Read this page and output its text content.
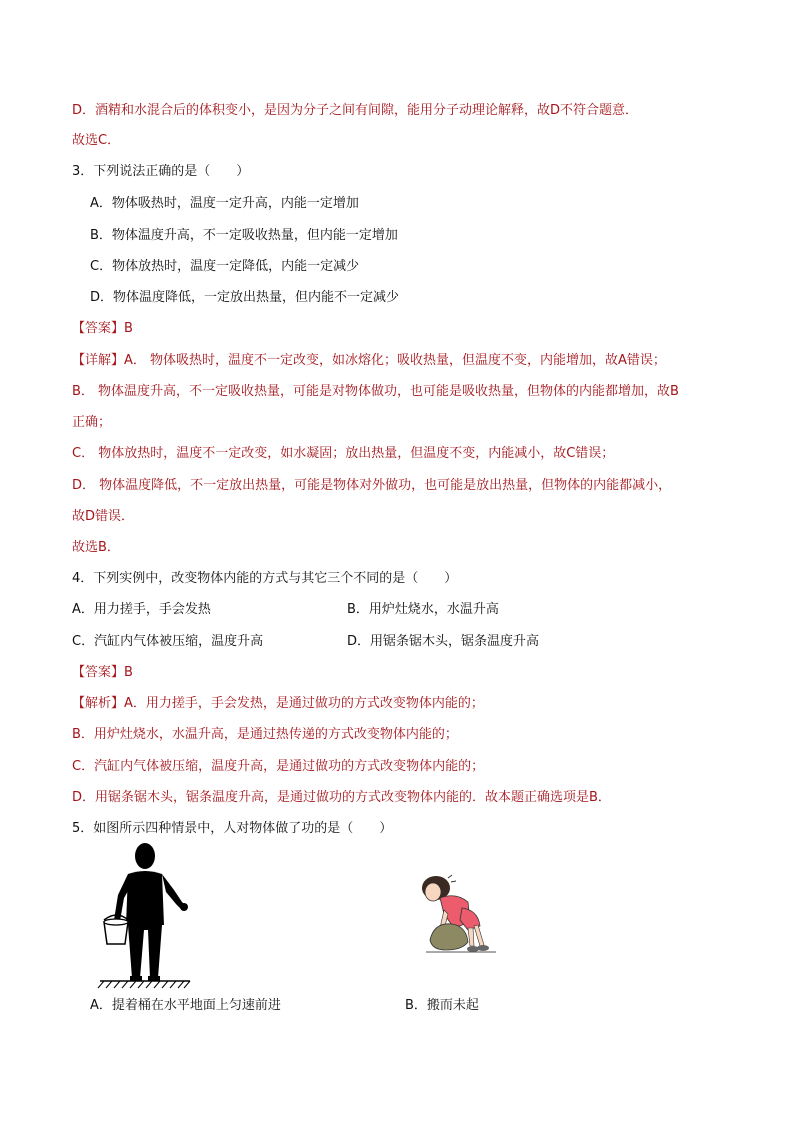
D．酒精和水混合后的体积变小，是因为分子之间有间隙，能用分子动理论解释，故D不符合题意．
故选C．
3．下列说法正确的是（　　）
A．物体吸热时，温度一定升高，内能一定增加
B．物体温度升高，不一定吸收热量，但内能一定增加
C．物体放热时，温度一定降低，内能一定减少
D．物体温度降低，一定放出热量，但内能不一定减少
【答案】B
【详解】A． 物体吸热时，温度不一定改变，如冰熔化；吸收热量，但温度不变，内能增加，故A错误；
B． 物体温度升高，不一定吸收热量，可能是对物体做功，也可能是吸收热量，但物体的内能都增加，故B
正确；
C． 物体放热时，温度不一定改变，如水凝固；放出热量，但温度不变，内能减小，故C错误；
D． 物体温度降低，不一定放出热量，可能是物体对外做功，也可能是放出热量，但物体的内能都减小，
故D错误．
故选B．
4．下列实例中，改变物体内能的方式与其它三个不同的是（　　）
A．用力搓手，手会发热	B．用炉灶烧水，水温升高
C．汽缸内气体被压缩，温度升高	D．用锯条锯木头，锯条温度升高
【答案】B
【解析】A．用力搓手，手会发热，是通过做功的方式改变物体内能的；
B．用炉灶烧水，水温升高，是通过热传递的方式改变物体内能的；
C．汽缸内气体被压缩，温度升高，是通过做功的方式改变物体内能的；
D．用锯条锯木头，锯条温度升高，是通过做功的方式改变物体内能的．故本题正确选项是B．
5．如图所示四种情景中，人对物体做了功的是（　　）
A．提着桶在水平地面上匀速前进	B．搬而未起
